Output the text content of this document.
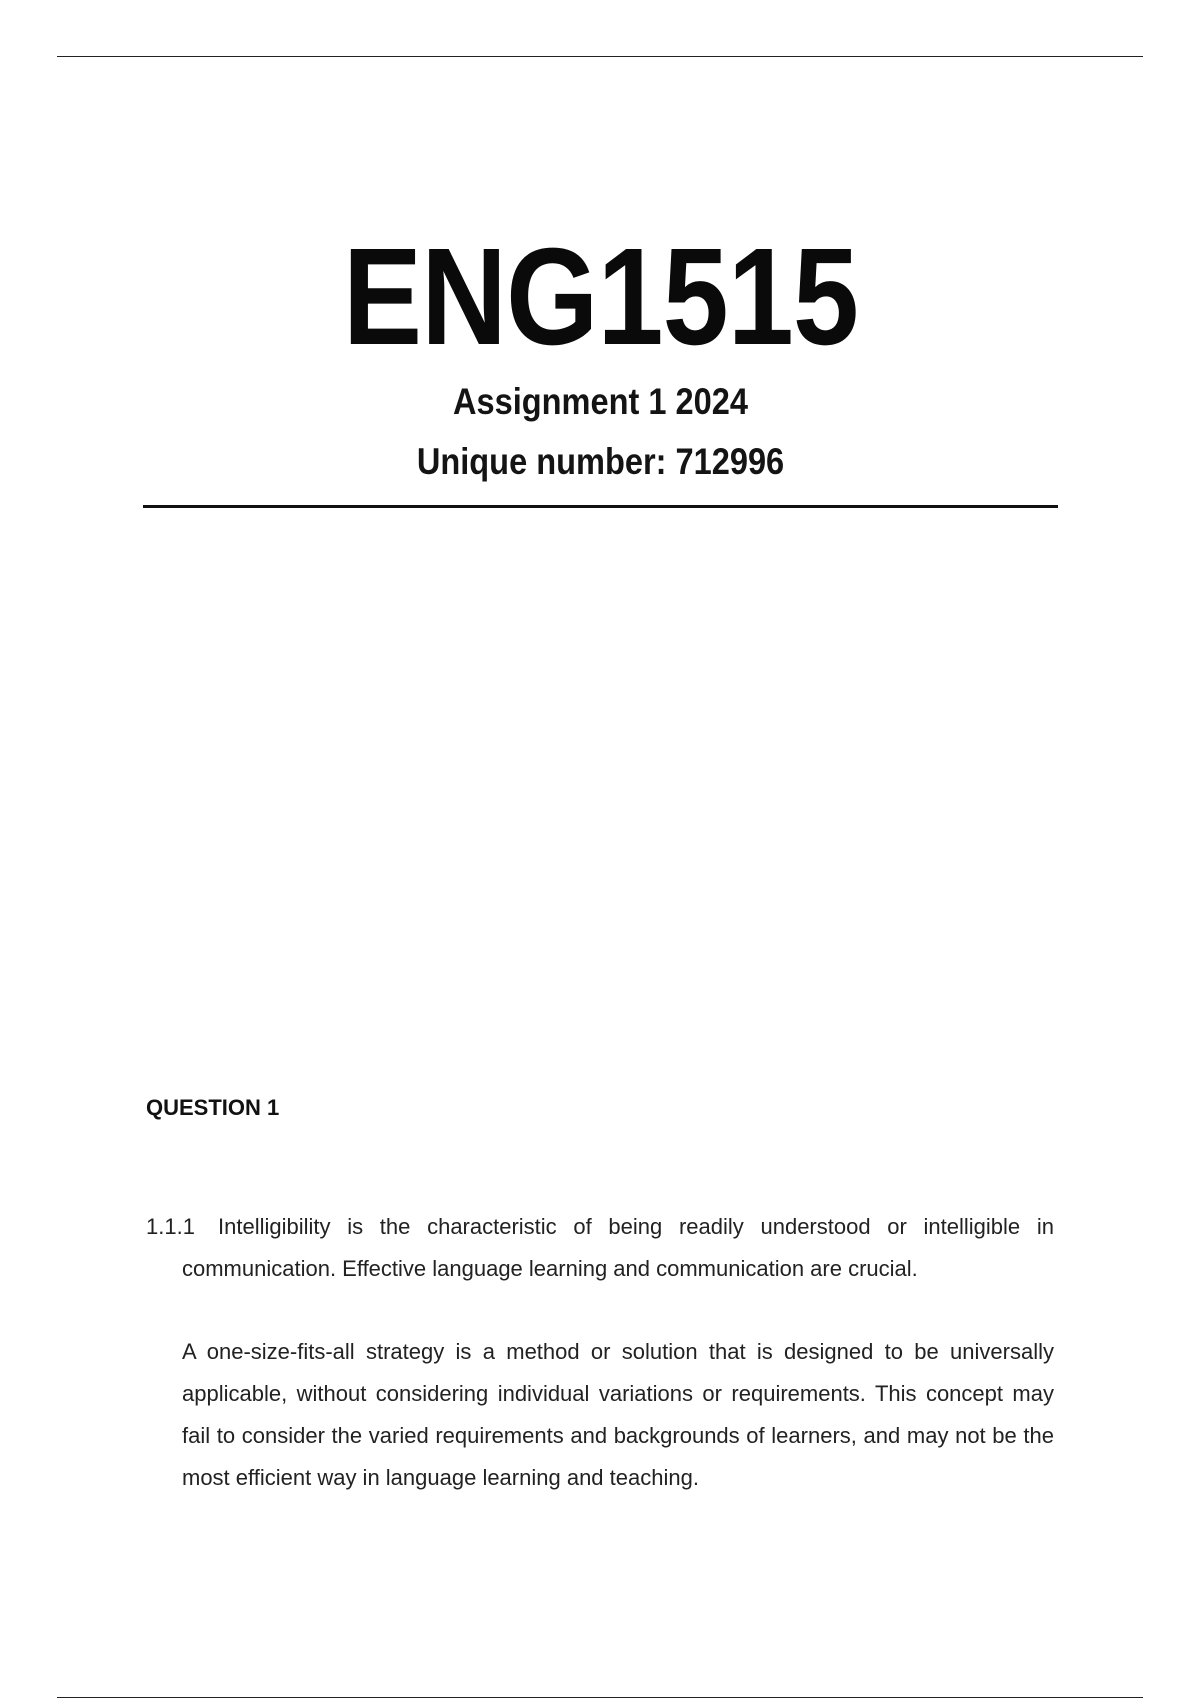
ENG1515

Assignment 1 2024

Unique number: 712996

QUESTION 1

1.1.1 Intelligibility is the characteristic of being readily understood or intelligible in communication. Effective language learning and communication are crucial.

A one-size-fits-all strategy is a method or solution that is designed to be universally applicable, without considering individual variations or requirements. This concept may fail to consider the varied requirements and backgrounds of learners, and may not be the most efficient way in language learning and teaching.
